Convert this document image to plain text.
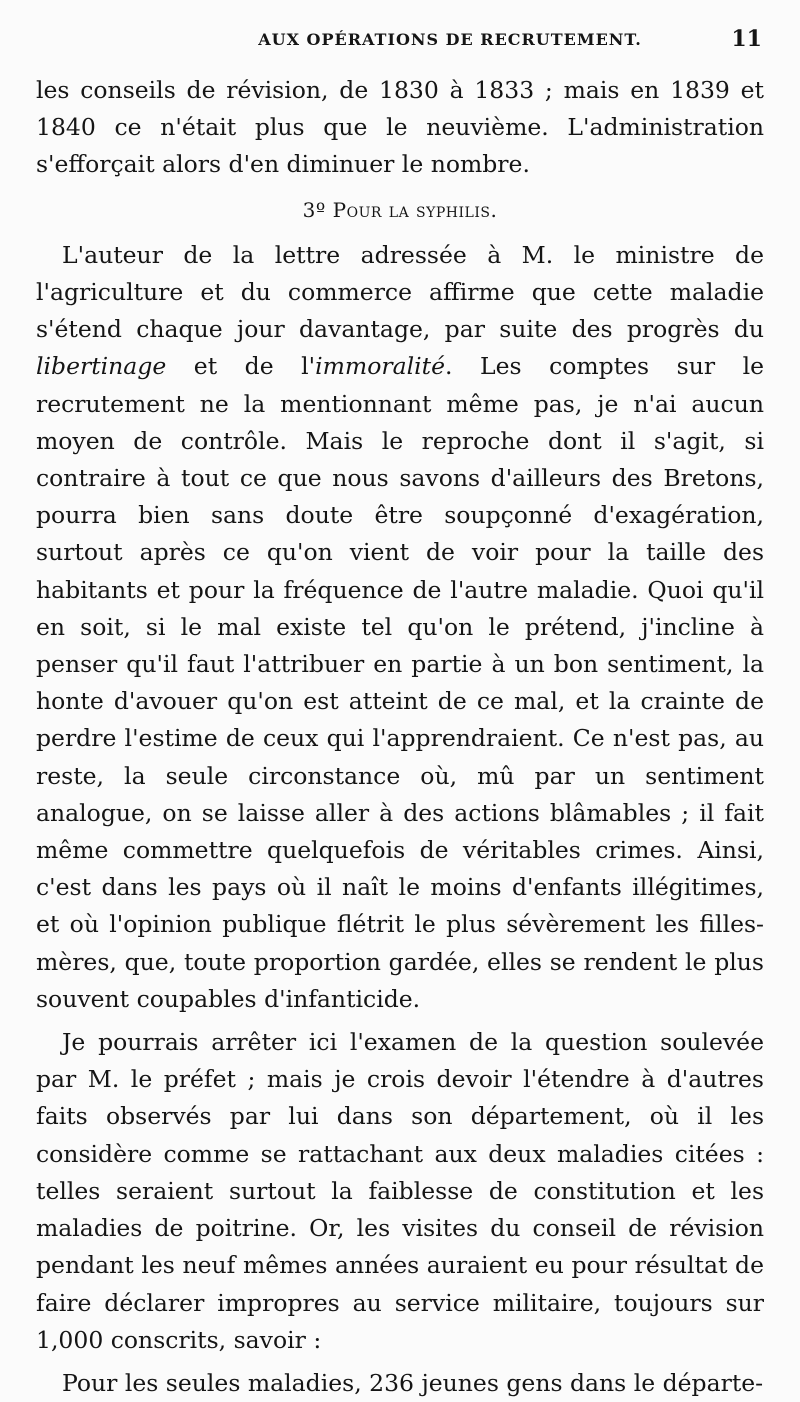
AUX OPÉRATIONS DE RECRUTEMENT.	11

les conseils de révision, de 1830 à 1833 ; mais en 1839 et 1840 ce n'était plus que le neuvième. L'administration s'efforçait alors d'en diminuer le nombre.

3º Pour la syphilis.

L'auteur de la lettre adressée à M. le ministre de l'agriculture et du commerce affirme que cette maladie s'étend chaque jour davantage, par suite des progrès du libertinage et de l'immoralité. Les comptes sur le recrutement ne la mentionnant même pas, je n'ai aucun moyen de contrôle. Mais le reproche dont il s'agit, si contraire à tout ce que nous savons d'ailleurs des Bretons, pourra bien sans doute être soupçonné d'exagération, surtout après ce qu'on vient de voir pour la taille des habitants et pour la fréquence de l'autre maladie. Quoi qu'il en soit, si le mal existe tel qu'on le prétend, j'incline à penser qu'il faut l'attribuer en partie à un bon sentiment, la honte d'avouer qu'on est atteint de ce mal, et la crainte de perdre l'estime de ceux qui l'apprendraient. Ce n'est pas, au reste, la seule circonstance où, mû par un sentiment analogue, on se laisse aller à des actions blâmables ; il fait même commettre quelquefois de véritables crimes. Ainsi, c'est dans les pays où il naît le moins d'enfants illégitimes, et où l'opinion publique flétrit le plus sévèrement les filles-mères, que, toute proportion gardée, elles se rendent le plus souvent coupables d'infanticide.

Je pourrais arrêter ici l'examen de la question soulevée par M. le préfet ; mais je crois devoir l'étendre à d'autres faits observés par lui dans son département, où il les considère comme se rattachant aux deux maladies citées : telles seraient surtout la faiblesse de constitution et les maladies de poitrine. Or, les visites du conseil de révision pendant les neuf mêmes années auraient eu pour résultat de faire déclarer impropres au service militaire, toujours sur 1,000 conscrits, savoir :

Pour les seules maladies, 236 jeunes gens dans le départe-
